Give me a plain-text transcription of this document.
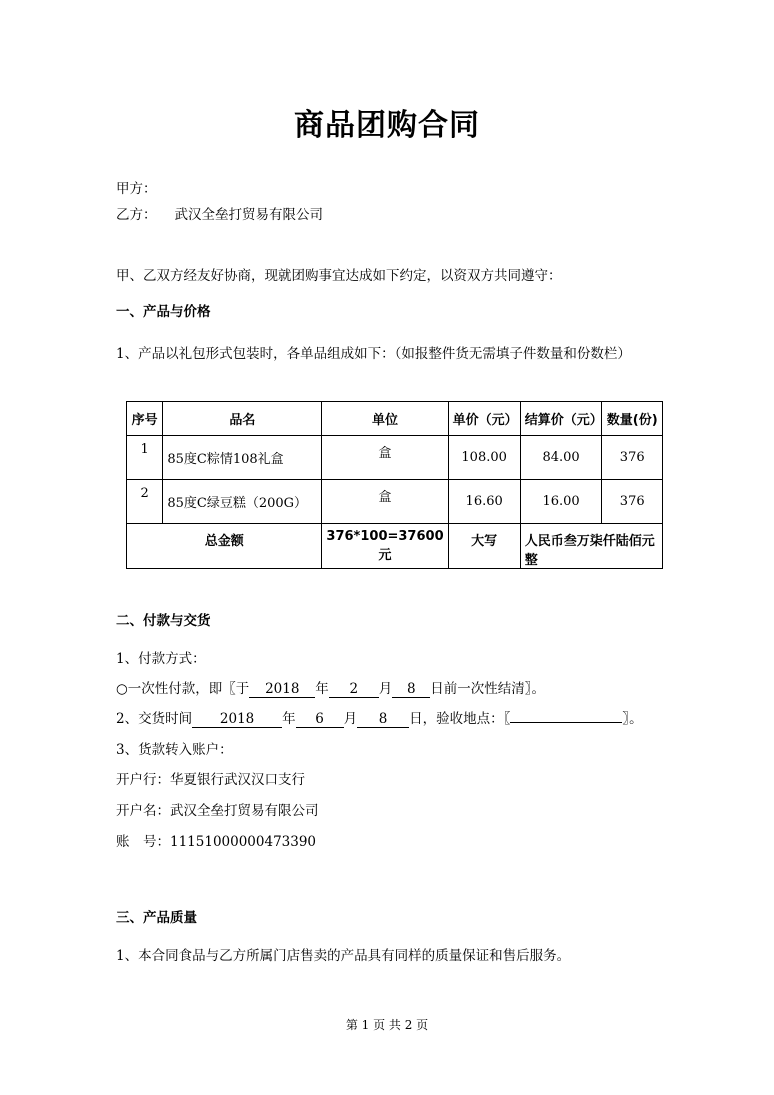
商品团购合同
甲方：
乙方： 武汉全垒打贸易有限公司
甲、乙双方经友好协商，现就团购事宜达成如下约定，以资双方共同遵守：
一、产品与价格
1、产品以礼包形式包装时，各单品组成如下：（如报整件货无需填子件数量和份数栏）
序号	品名	单位	单价（元）	结算价（元）	数量(份)
1	85度C粽情108礼盒	盒	108.00	84.00	376
2	85度C绿豆糕（200G）	盒	16.60	16.00	376
总金额		376*100=37600元	大写	人民币叁万柒仟陆佰元整	
二、付款与交货
1、付款方式：
○一次性付款，即〖于 2018 年 2 月 8 日前一次性结清〗。
2、交货时间 2018 年 6 月 8 日，验收地点：〖	〗。
3、货款转入账户：
开户行：华夏银行武汉汉口支行
开户名：武汉全垒打贸易有限公司
账　号：11151000000473390
三、产品质量
1、本合同食品与乙方所属门店售卖的产品具有同样的质量保证和售后服务。
第 1 页 共 2 页
